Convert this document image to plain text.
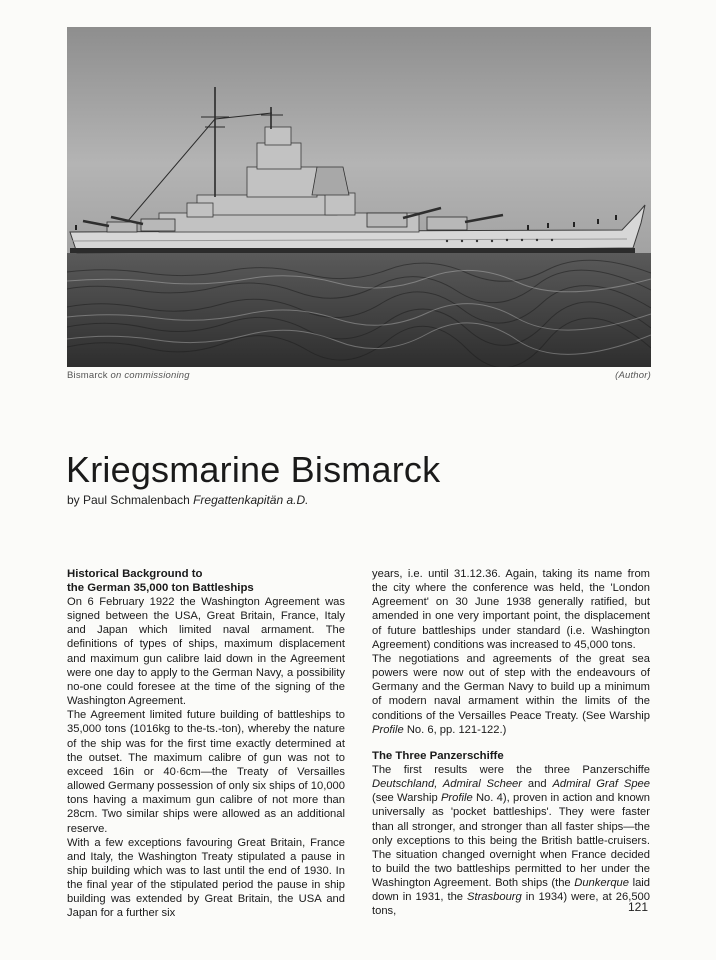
Bismarck on commissioning	(Author)
Kriegsmarine Bismarck

by Paul Schmalenbach Fregattenkapitän a.D.

Historical Background to
the German 35,000 ton Battleships

On 6 February 1922 the Washington Agreement was signed between the USA, Great Britain, France, Italy and Japan which limited naval armament. The definitions of types of ships, maximum displacement and maximum gun calibre laid down in the Agreement were one day to apply to the German Navy, a possibility no-one could foresee at the time of the signing of the Washington Agreement.

The Agreement limited future building of battleships to 35,000 tons (1016kg to the-ts.-ton), whereby the nature of the ship was for the first time exactly determined at the outset. The maximum calibre of gun was not to exceed 16in or 40·6cm—the Treaty of Versailles allowed Germany possession of only six ships of 10,000 tons having a maximum gun calibre of not more than 28cm. Two similar ships were allowed as an additional reserve.

With a few exceptions favouring Great Britain, France and Italy, the Washington Treaty stipulated a pause in ship building which was to last until the end of 1930. In the final year of the stipulated period the pause in ship building was extended by Great Britain, the USA and Japan for a further six

years, i.e. until 31.12.36. Again, taking its name from the city where the conference was held, the 'London Agreement' on 30 June 1938 generally ratified, but amended in one very important point, the displacement of future battleships under standard (i.e. Washington Agreement) conditions was increased to 45,000 tons.

The negotiations and agreements of the great sea powers were now out of step with the endeavours of Germany and the German Navy to build up a minimum of modern naval armament within the limits of the conditions of the Versailles Peace Treaty. (See Warship Profile No. 6, pp. 121-122.)

The Three Panzerschiffe

The first results were the three Panzerschiffe Deutschland, Admiral Scheer and Admiral Graf Spee (see Warship Profile No. 4), proven in action and known universally as 'pocket battleships'. They were faster than all stronger, and stronger than all faster ships—the only exceptions to this being the British battle-cruisers. The situation changed overnight when France decided to build the two battleships permitted to her under the Washington Agreement. Both ships (the Dunkerque laid down in 1931, the Strasbourg in 1934) were, at 26,500 tons,	121
